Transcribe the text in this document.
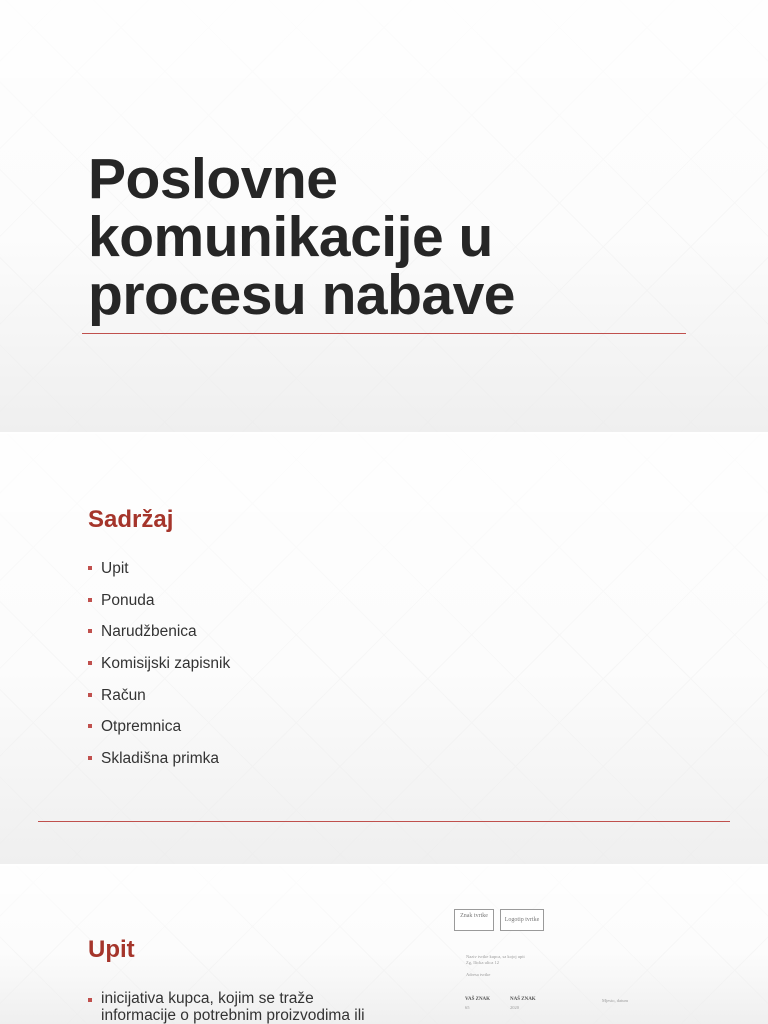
Poslovne komunikacije u procesu nabave
Sadržaj
Upit
Ponuda
Narudžbenica
Komisijski zapisnik
Račun
Otpremnica
Skladišna primka
Upit
inicijativa kupca, kojim se traže informacije o potrebnim proizvodima ili
Znak tvrtke
Logotip tvrtke

Naziv tvrtke kupca, sa kojoj upit

Zg, Ilicka ulica 12

Adresa tvrtke

VAŠ ZNAK

65

NAŠ ZNAK

2020

Mjesto, datum
